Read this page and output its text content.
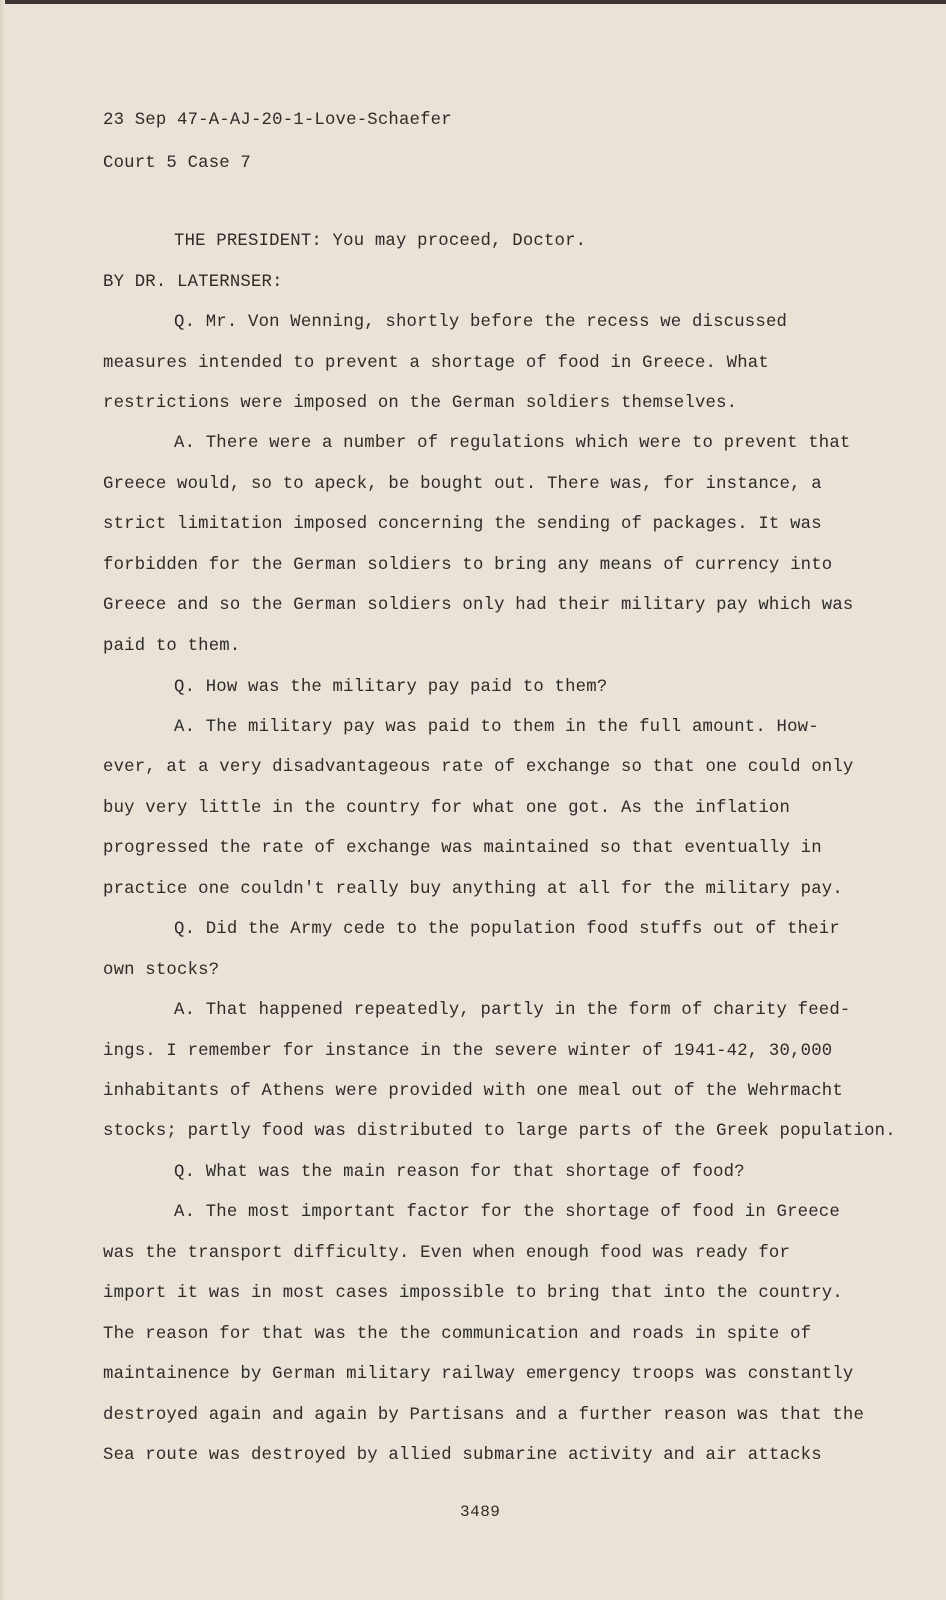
23 Sep 47-A-AJ-20-1-Love-Schaefer
Court 5 Case 7
THE PRESIDENT: You may proceed, Doctor.
BY DR. LATERNSER:
Q. Mr. Von Wenning, shortly before the recess we discussed
measures intended to prevent a shortage of food in Greece. What
restrictions were imposed on the German soldiers themselves.
A. There were a number of regulations which were to prevent that
Greece would, so to apeck, be bought out. There was, for instance, a
strict limitation imposed concerning the sending of packages. It was
forbidden for the German soldiers to bring any means of currency into
Greece and so the German soldiers only had their military pay which was
paid to them.
Q. How was the military pay paid to them?
A. The military pay was paid to them in the full amount. How-
ever, at a very disadvantageous rate of exchange so that one could only
buy very little in the country for what one got. As the inflation
progressed the rate of exchange was maintained so that eventually in
practice one couldn't really buy anything at all for the military pay.
Q. Did the Army cede to the population food stuffs out of their
own stocks?
A. That happened repeatedly, partly in the form of charity feed-
ings. I remember for instance in the severe winter of 1941-42, 30,000
inhabitants of Athens were provided with one meal out of the Wehrmacht
stocks; partly food was distributed to large parts of the Greek population.
Q. What was the main reason for that shortage of food?
A. The most important factor for the shortage of food in Greece
was the transport difficulty. Even when enough food was ready for
import it was in most cases impossible to bring that into the country.
The reason for that was the the communication and roads in spite of
maintainence by German military railway emergency troops was constantly
destroyed again and again by Partisans and a further reason was that the
Sea route was destroyed by allied submarine activity and air attacks
3489
